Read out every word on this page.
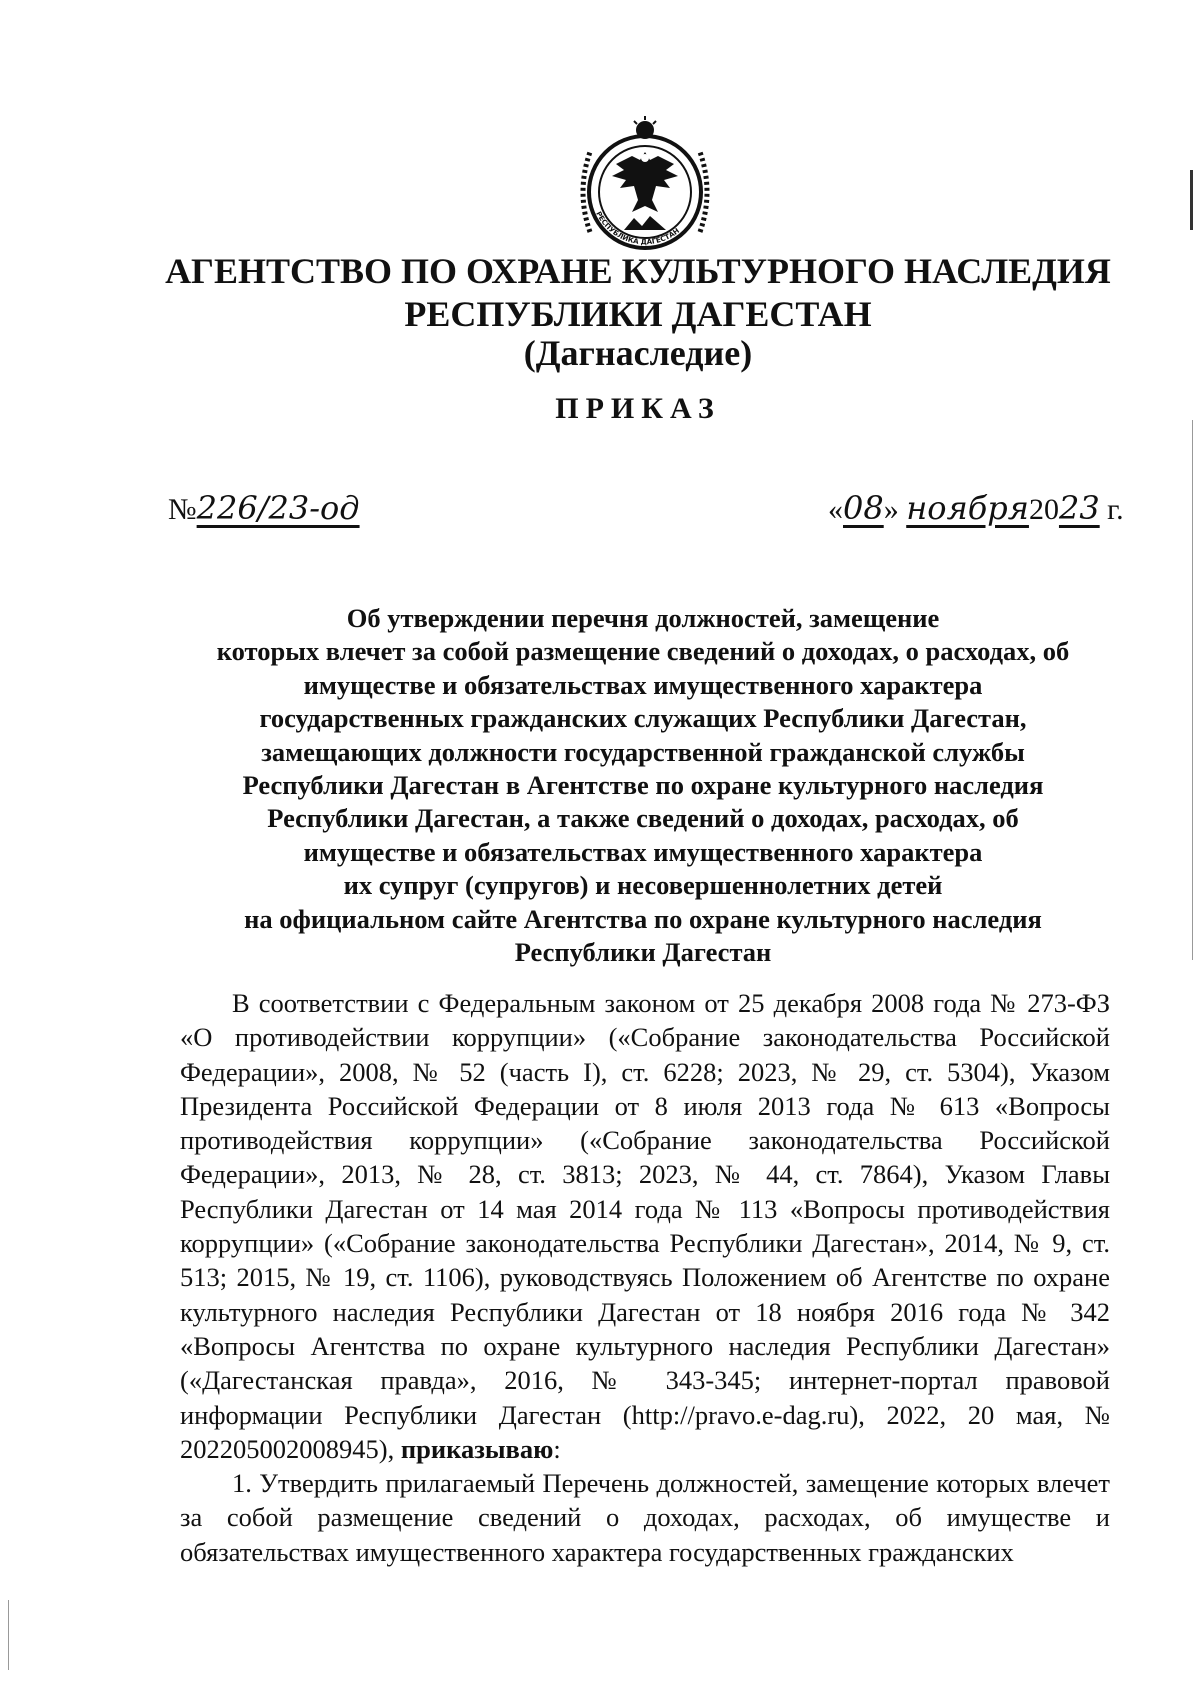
РЕСПУБЛИКА ДАГЕСТАН
АГЕНТСТВО ПО ОХРАНЕ КУЛЬТУРНОГО НАСЛЕДИЯ
РЕСПУБЛИКИ ДАГЕСТАН
(Дагнаследие)
ПРИКАЗ
№226/23-од	«08» ноября2023 г.
Об утверждении перечня должностей, замещение
которых влечет за собой размещение сведений о доходах, о расходах, об
имуществе и обязательствах имущественного характера
государственных гражданских служащих Республики Дагестан,
замещающих должности государственной гражданской службы
Республики Дагестан в Агентстве по охране культурного наследия
Республики Дагестан, а также сведений о доходах, расходах, об
имуществе и обязательствах имущественного характера
их супруг (супругов) и несовершеннолетних детей
на официальном сайте Агентства по охране культурного наследия
Республики Дагестан

В соответствии с Федеральным законом от 25 декабря 2008 года № 273-ФЗ «О противодействии коррупции» («Собрание законодательства Российской Федерации», 2008, № 52 (часть I), ст. 6228; 2023, № 29, ст. 5304), Указом Президента Российской Федерации от 8 июля 2013 года № 613 «Вопросы противодействия коррупции» («Собрание законодательства Российской Федерации», 2013, № 28, ст. 3813; 2023, № 44, ст. 7864), Указом Главы Республики Дагестан от 14 мая 2014 года № 113 «Вопросы противодействия коррупции» («Собрание законодательства Республики Дагестан», 2014, № 9, ст. 513; 2015, № 19, ст. 1106), руководствуясь Положением об Агентстве по охране культурного наследия Республики Дагестан от 18 ноября 2016 года № 342 «Вопросы Агентства по охране культурного наследия Республики Дагестан» («Дагестанская правда», 2016, № 343-345; интернет-портал правовой информации Республики Дагестан (http://pravo.e-dag.ru), 2022, 20 мая, № 202205002008945), приказываю:

1. Утвердить прилагаемый Перечень должностей, замещение которых влечет за собой размещение сведений о доходах, расходах, об имуществе и обязательствах имущественного характера государственных гражданских
